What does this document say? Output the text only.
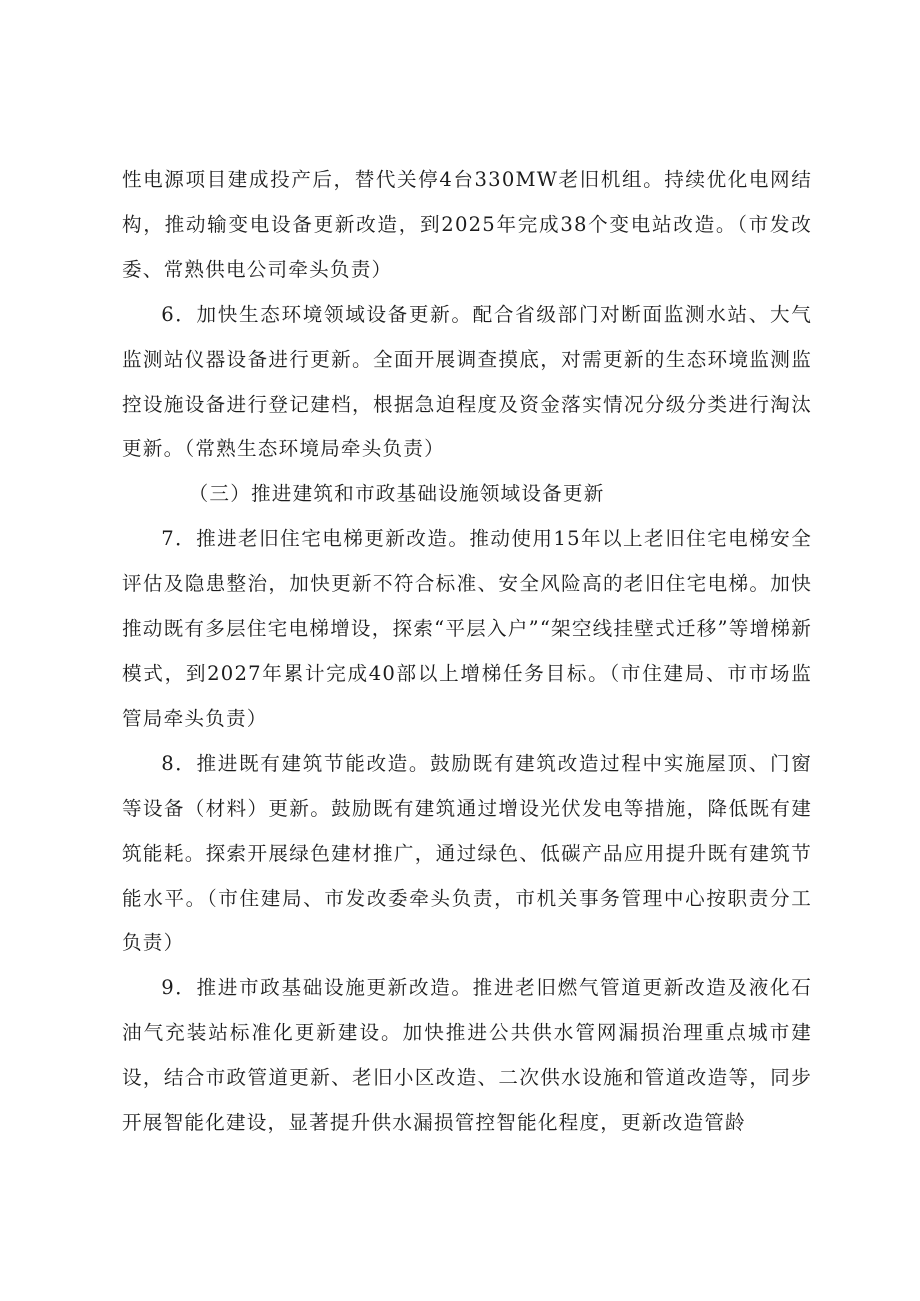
性电源项目建成投产后，替代关停4台330MW老旧机组。持续优化电网结构，推动输变电设备更新改造，到2025年完成38个变电站改造。（市发改委、常熟供电公司牵头负责）

6．加快生态环境领域设备更新。配合省级部门对断面监测水站、大气监测站仪器设备进行更新。全面开展调查摸底，对需更新的生态环境监测监控设施设备进行登记建档，根据急迫程度及资金落实情况分级分类进行淘汰更新。（常熟生态环境局牵头负责）

（三）推进建筑和市政基础设施领域设备更新

7．推进老旧住宅电梯更新改造。推动使用15年以上老旧住宅电梯安全评估及隐患整治，加快更新不符合标准、安全风险高的老旧住宅电梯。加快推动既有多层住宅电梯增设，探索“平层入户”“架空线挂壁式迁移”等增梯新模式，到2027年累计完成40部以上增梯任务目标。（市住建局、市市场监管局牵头负责）

8．推进既有建筑节能改造。鼓励既有建筑改造过程中实施屋顶、门窗等设备（材料）更新。鼓励既有建筑通过增设光伏发电等措施，降低既有建筑能耗。探索开展绿色建材推广，通过绿色、低碳产品应用提升既有建筑节能水平。（市住建局、市发改委牵头负责，市机关事务管理中心按职责分工负责）

9．推进市政基础设施更新改造。推进老旧燃气管道更新改造及液化石油气充装站标准化更新建设。加快推进公共供水管网漏损治理重点城市建设，结合市政管道更新、老旧小区改造、二次供水设施和管道改造等，同步开展智能化建设，显著提升供水漏损管控智能化程度，更新改造管龄
